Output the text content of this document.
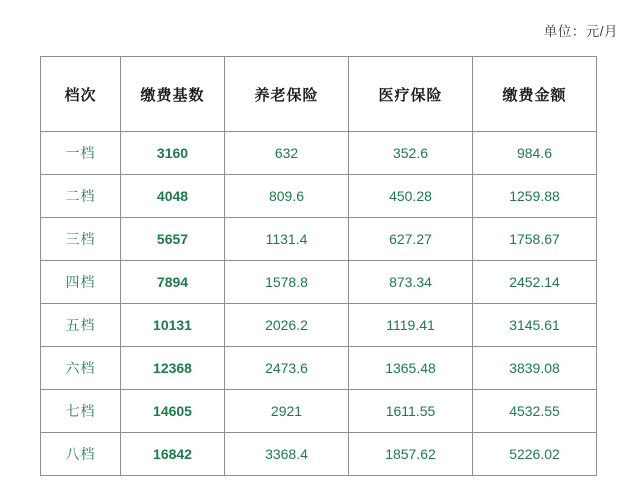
单位：元/月
档次	缴费基数	养老保险	医疗保险	缴费金额
一档	3160	632	352.6	984.6
二档	4048	809.6	450.28	1259.88
三档	5657	1131.4	627.27	1758.67
四档	7894	1578.8	873.34	2452.14
五档	10131	2026.2	1119.41	3145.61
六档	12368	2473.6	1365.48	3839.08
七档	14605	2921	1611.55	4532.55
八档	16842	3368.4	1857.62	5226.02
